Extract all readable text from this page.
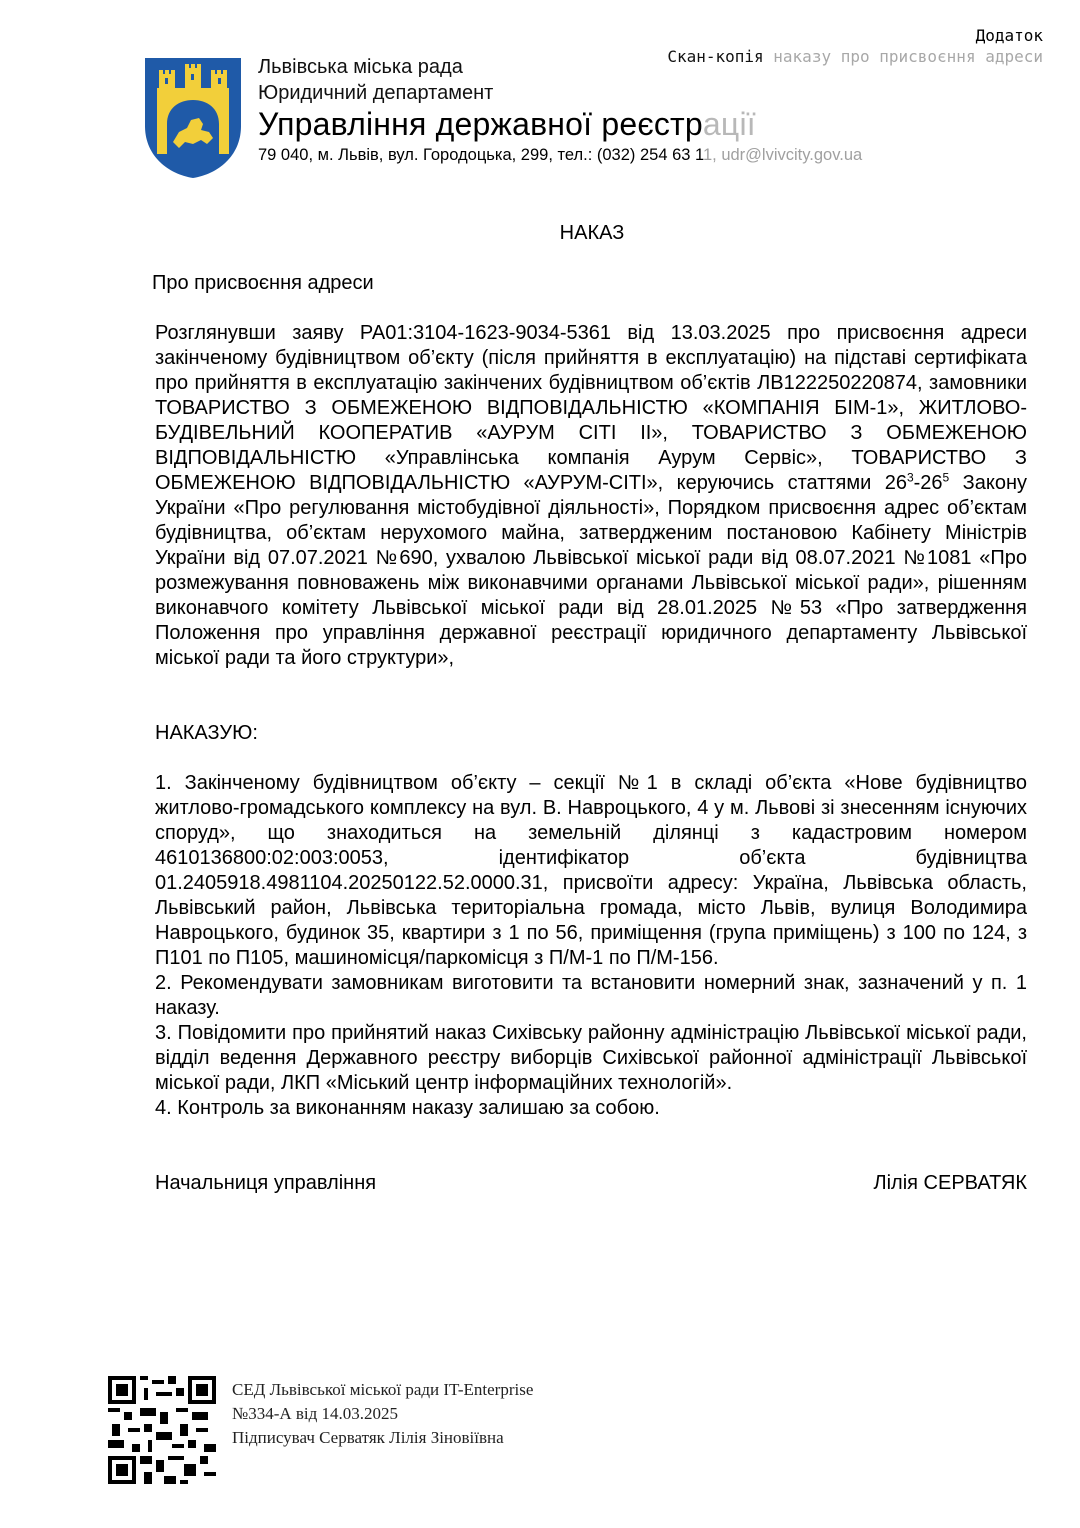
Додаток
Скан-копія наказу про присвоєння адреси
Львівська міська рада
Юридичний департамент
Управління державної реєстрації
79 040, м. Львів, вул. Городоцька, 299, тел.: (032) 254 63 11, udr@lvivcity.gov.ua
НАКАЗ
Про присвоєння адреси
Розглянувши заяву РА01:3104-1623-9034-5361 від 13.03.2025 про присвоєння адреси закінченому будівництвом об’єкту (після прийняття в експлуатацію) на підставі сертифіката про прийняття в експлуатацію закінчених будівництвом об’єктів ЛВ122250220874, замовники ТОВАРИСТВО З ОБМЕЖЕНОЮ ВІДПОВІДАЛЬНІСТЮ «КОМПАНІЯ БІМ-1», ЖИТЛОВО-БУДІВЕЛЬНИЙ КООПЕРАТИВ «АУРУМ СІТІ ІІ», ТОВАРИСТВО З ОБМЕЖЕНОЮ ВІДПОВІДАЛЬНІСТЮ «Управлінська компанія Аурум Сервіс», ТОВАРИСТВО З ОБМЕЖЕНОЮ ВІДПОВІДАЛЬНІСТЮ «АУРУМ-СІТІ», керуючись статтями $26^3-26^5$ Закону України «Про регулювання містобудівної діяльності», Порядком присвоєння адрес об’єктам будівництва, об’єктам нерухомого майна, затвердженим постановою Кабінету Міністрів України від 07.07.2021 №690, ухвалою Львівської міської ради від 08.07.2021 №1081 «Про розмежування повноважень між виконавчими органами Львівської міської ради», рішенням виконавчого комітету Львівської міської ради від 28.01.2025 №53 «Про затвердження Положення про управління державної реєстрації юридичного департаменту Львівської міської ради та його структури»,
НАКАЗУЮ:

1. Закінченому будівництвом об’єкту – секції №1 в складі об’єкта «Нове будівництво житлово-громадського комплексу на вул. В. Навроцького, 4 у м. Львові зі знесенням існуючих споруд», що знаходиться на земельній ділянці з кадастровим номером 4610136800:02:003:0053, ідентифікатор об’єкта будівництва 01.2405918.4981104.20250122.52.0000.31, присвоїти адресу: Україна, Львівська область, Львівський район, Львівська територіальна громада, місто Львів, вулиця Володимира Навроцького, будинок 35, квартири з 1 по 56, приміщення (група приміщень) з 100 по 124, з П101 по П105, машиномісця/паркомісця з П/М-1 по П/М-156.

2. Рекомендувати замовникам виготовити та встановити номерний знак, зазначений у п. 1 наказу.

3. Повідомити про прийнятий наказ Сихівську районну адміністрацію Львівської міської ради, відділ ведення Державного реєстру виборців Сихівської районної адміністрації Львівської міської ради, ЛКП «Міський центр інформаційних технологій».

4. Контроль за виконанням наказу залишаю за собою.

Начальниця управління	Лілія СЕРВАТЯК
СЕД Львівської міської ради IT-Enterprise
№334-А від 14.03.2025
Підписувач Серватяк Лілія Зіновіївна
